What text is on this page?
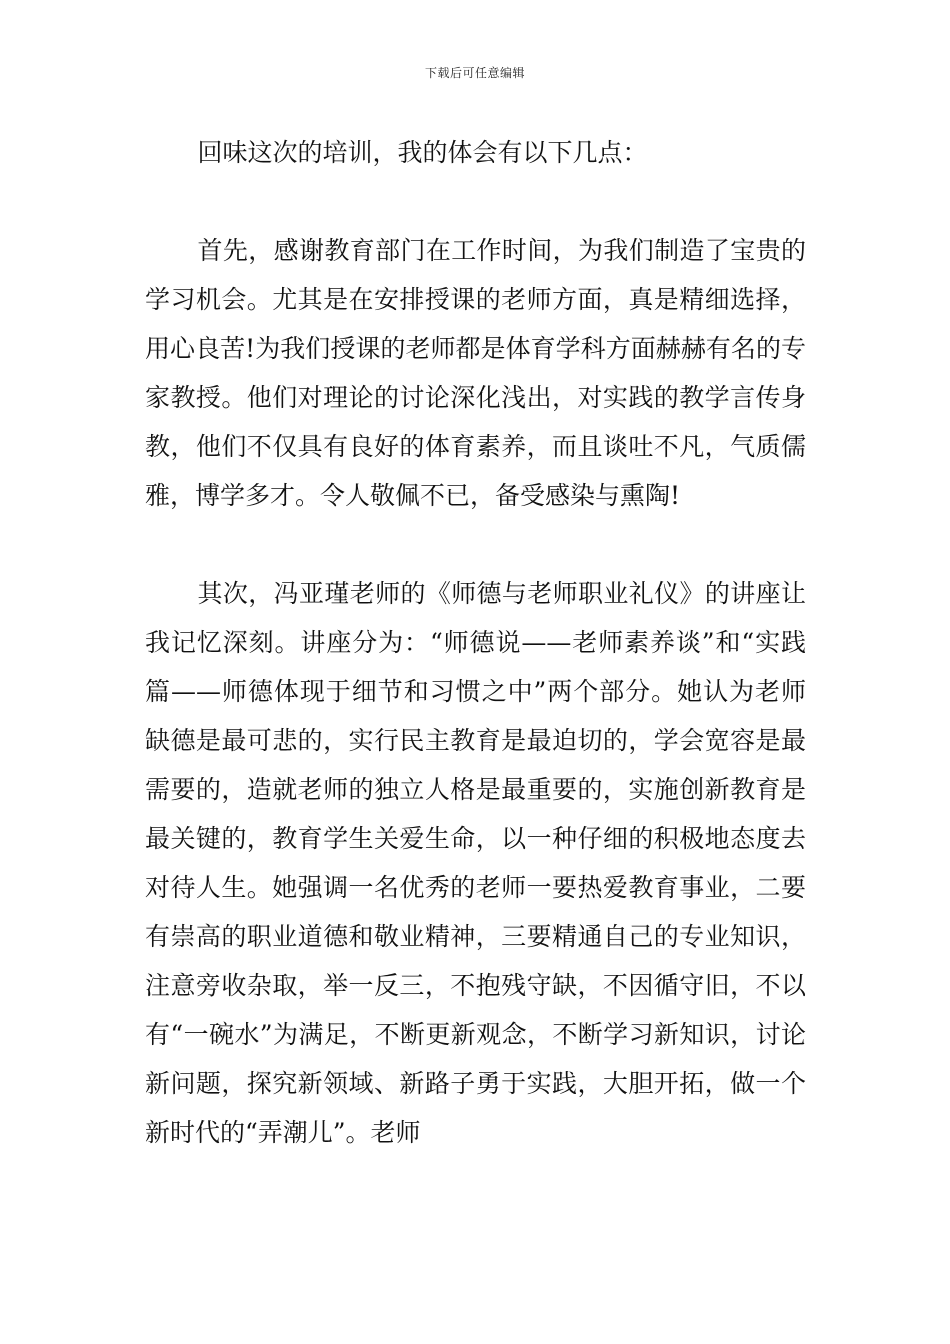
下载后可任意编辑

回味这次的培训，我的体会有以下几点：

首先，感谢教育部门在工作时间，为我们制造了宝贵的学习机会。尤其是在安排授课的老师方面，真是精细选择，用心良苦!为我们授课的老师都是体育学科方面赫赫有名的专家教授。他们对理论的讨论深化浅出，对实践的教学言传身教，他们不仅具有良好的体育素养，而且谈吐不凡，气质儒雅，博学多才。令人敬佩不已，备受感染与熏陶!

其次，冯亚瑾老师的《师德与老师职业礼仪》的讲座让我记忆深刻。讲座分为：“师德说——老师素养谈”和“实践篇——师德体现于细节和习惯之中”两个部分。她认为老师缺德是最可悲的，实行民主教育是最迫切的，学会宽容是最需要的，造就老师的独立人格是最重要的，实施创新教育是最关键的，教育学生关爱生命，以一种仔细的积极地态度去对待人生。她强调一名优秀的老师一要热爱教育事业，二要有崇高的职业道德和敬业精神，三要精通自己的专业知识，注意旁收杂取，举一反三，不抱残守缺，不因循守旧，不以有“一碗水”为满足，不断更新观念，不断学习新知识，讨论新问题，探究新领域、新路子勇于实践，大胆开拓，做一个新时代的“弄潮儿”。老师
